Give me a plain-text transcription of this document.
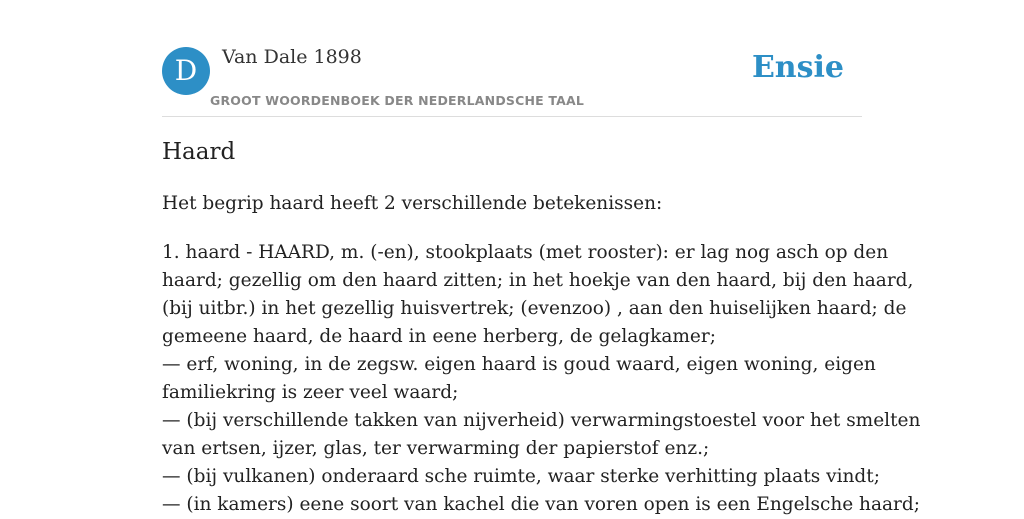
D	Van Dale 1898
GROOT WOORDENBOEK DER NEDERLANDSCHE TAAL
Ensie
Haard

Het begrip haard heeft 2 verschillende betekenissen:

1. haard - HAARD, m. (-en), stookplaats (met rooster): er lag nog asch op den
haard; gezellig om den haard zitten; in het hoekje van den haard, bij den haard,
(bij uitbr.) in het gezellig huisvertrek; (evenzoo) , aan den huiselijken haard; de
gemeene haard, de haard in eene herberg, de gelagkamer;
— erf, woning, in de zegsw. eigen haard is goud waard, eigen woning, eigen
familiekring is zeer veel waard;
— (bij verschillende takken van nijverheid) verwarmingstoestel voor het smelten
van ertsen, ijzer, glas, ter verwarming der papierstof enz.;
— (bij vulkanen) onderaard sche ruimte, waar sterke verhitting plaats vindt;
— (in kamers) eene soort van kachel die van voren open is een Engelsche haard;
